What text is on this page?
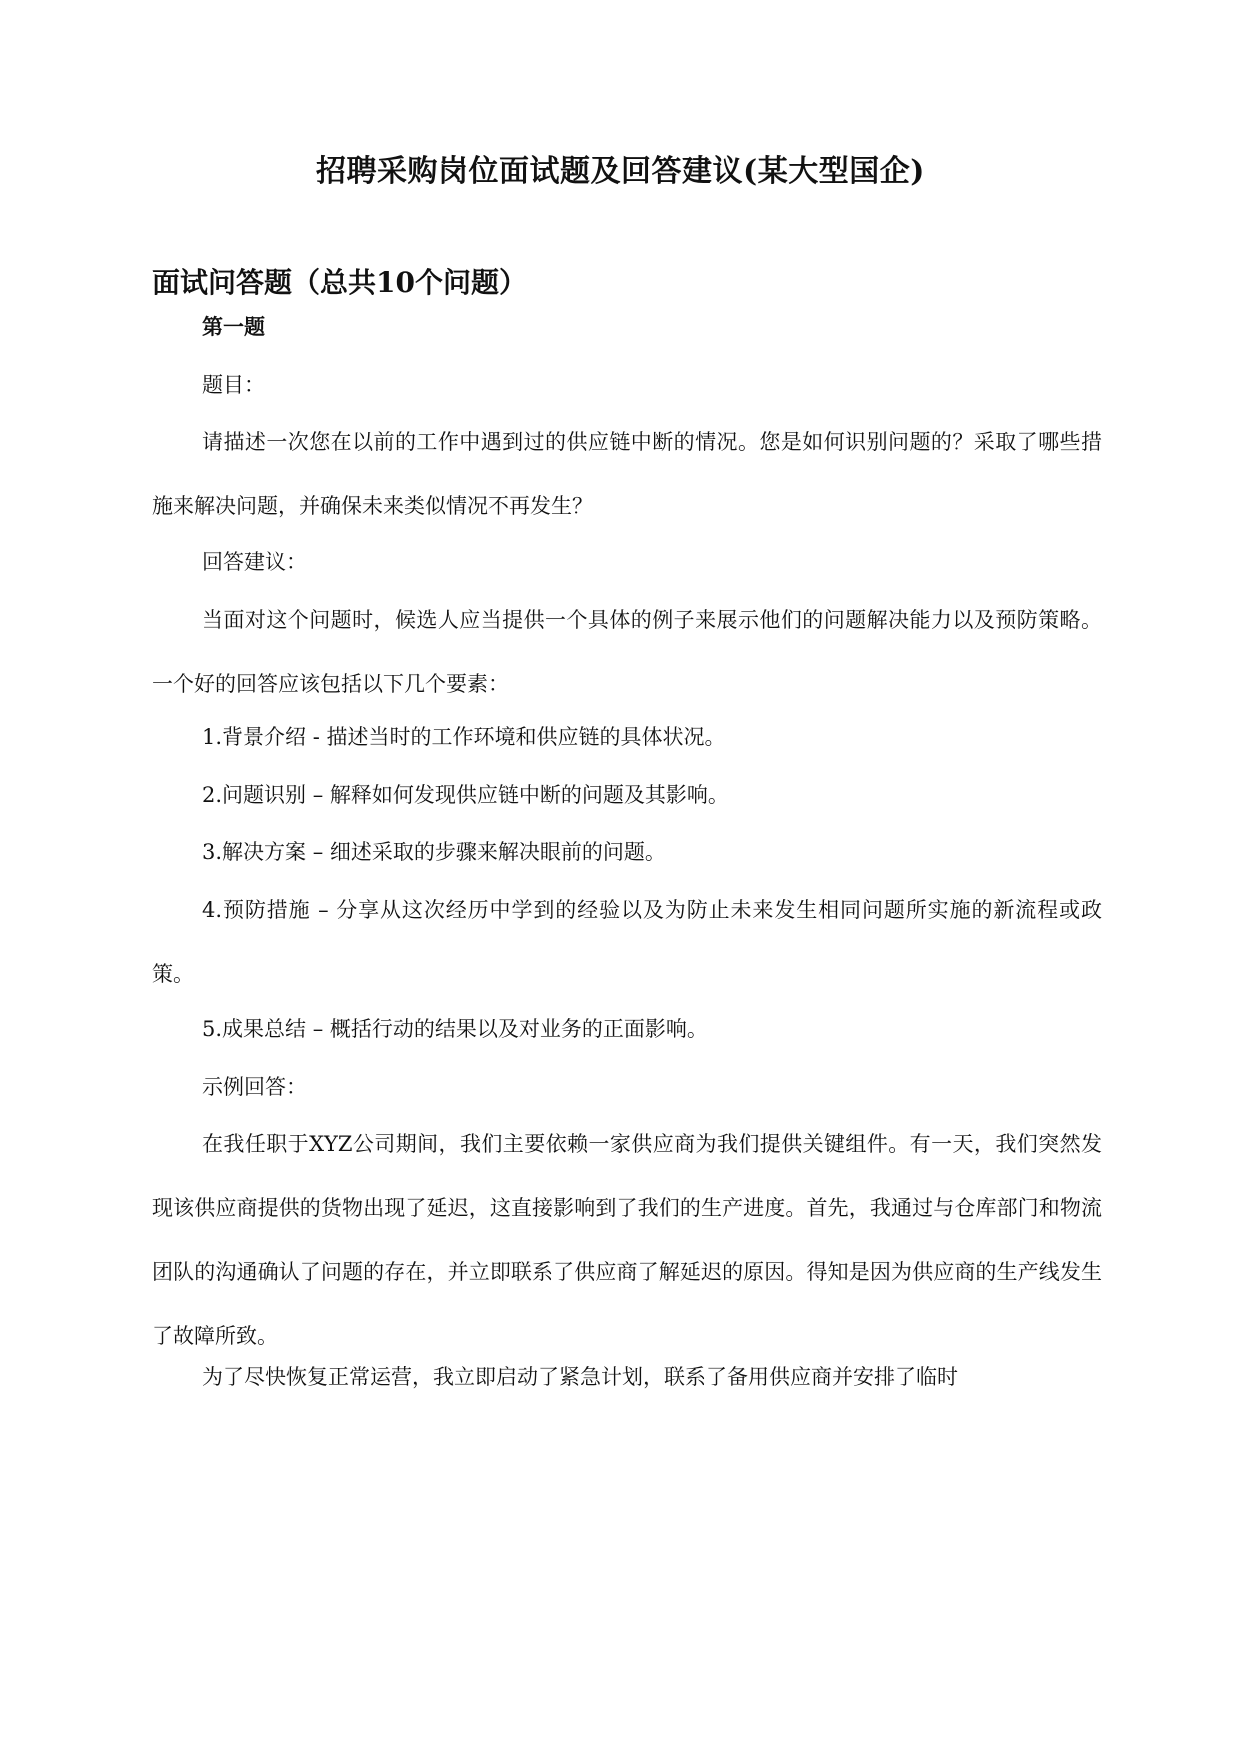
招聘采购岗位面试题及回答建议(某大型国企)
面试问答题（总共10个问题）

第一题

题目：

请描述一次您在以前的工作中遇到过的供应链中断的情况。您是如何识别问题的？采取了哪些措施来解决问题，并确保未来类似情况不再发生？

回答建议：

当面对这个问题时，候选人应当提供一个具体的例子来展示他们的问题解决能力以及预防策略。一个好的回答应该包括以下几个要素：

1.背景介绍 - 描述当时的工作环境和供应链的具体状况。

2.问题识别 – 解释如何发现供应链中断的问题及其影响。

3.解决方案 – 细述采取的步骤来解决眼前的问题。

4.预防措施 – 分享从这次经历中学到的经验以及为防止未来发生相同问题所实施的新流程或政策。

5.成果总结 – 概括行动的结果以及对业务的正面影响。

示例回答：

在我任职于XYZ公司期间，我们主要依赖一家供应商为我们提供关键组件。有一天，我们突然发现该供应商提供的货物出现了延迟，这直接影响到了我们的生产进度。首先，我通过与仓库部门和物流团队的沟通确认了问题的存在，并立即联系了供应商了解延迟的原因。得知是因为供应商的生产线发生了故障所致。

为了尽快恢复正常运营，我立即启动了紧急计划，联系了备用供应商并安排了临时
